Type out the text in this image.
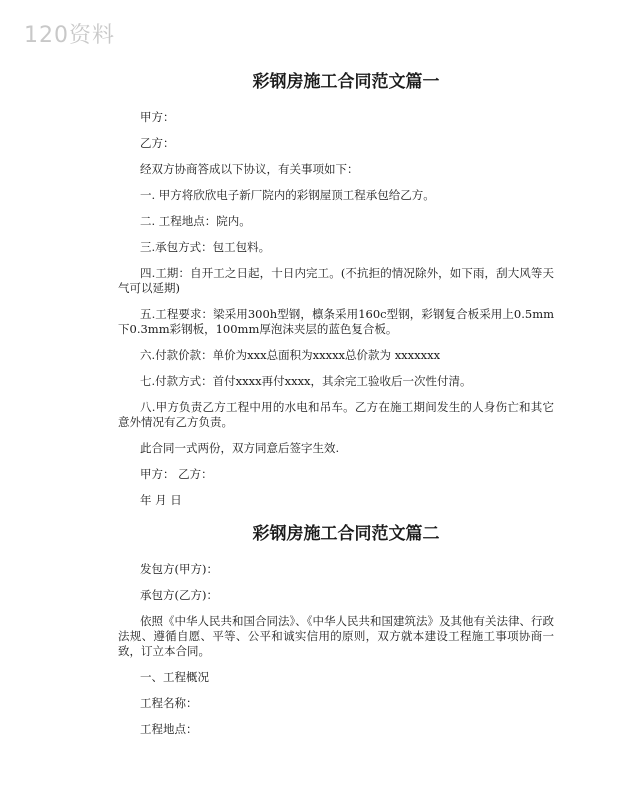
120资料
彩钢房施工合同范文篇一
甲方：
乙方：
经双方协商答成以下协议，有关事项如下：
一. 甲方将欣欣电子新厂院内的彩钢屋顶工程承包给乙方。
二. 工程地点：院内。
三.承包方式：包工包料。
四.工期：自开工之日起，十日内完工。(不抗拒的情况除外，如下雨，刮大风等天气可以延期)
五.工程要求：梁采用300h型钢，檩条采用160c型钢，彩钢复合板采用上0.5mm下0.3mm彩钢板，100mm厚泡沫夹层的蓝色复合板。
六.付款价款：单价为xxx总面积为xxxxx总价款为 xxxxxxx
七.付款方式：首付xxxx再付xxxx，其余完工验收后一次性付清。
八.甲方负责乙方工程中用的水电和吊车。乙方在施工期间发生的人身伤亡和其它意外情况有乙方负责。
此合同一式两份，双方同意后签字生效.
甲方： 乙方：
年 月 日
彩钢房施工合同范文篇二
发包方(甲方)：
承包方(乙方)：
依照《中华人民共和国合同法》、《中华人民共和国建筑法》及其他有关法律、行政法规、遵循自愿、平等、公平和诚实信用的原则，双方就本建设工程施工事项协商一致，订立本合同。
一、工程概况
工程名称：
工程地点：
